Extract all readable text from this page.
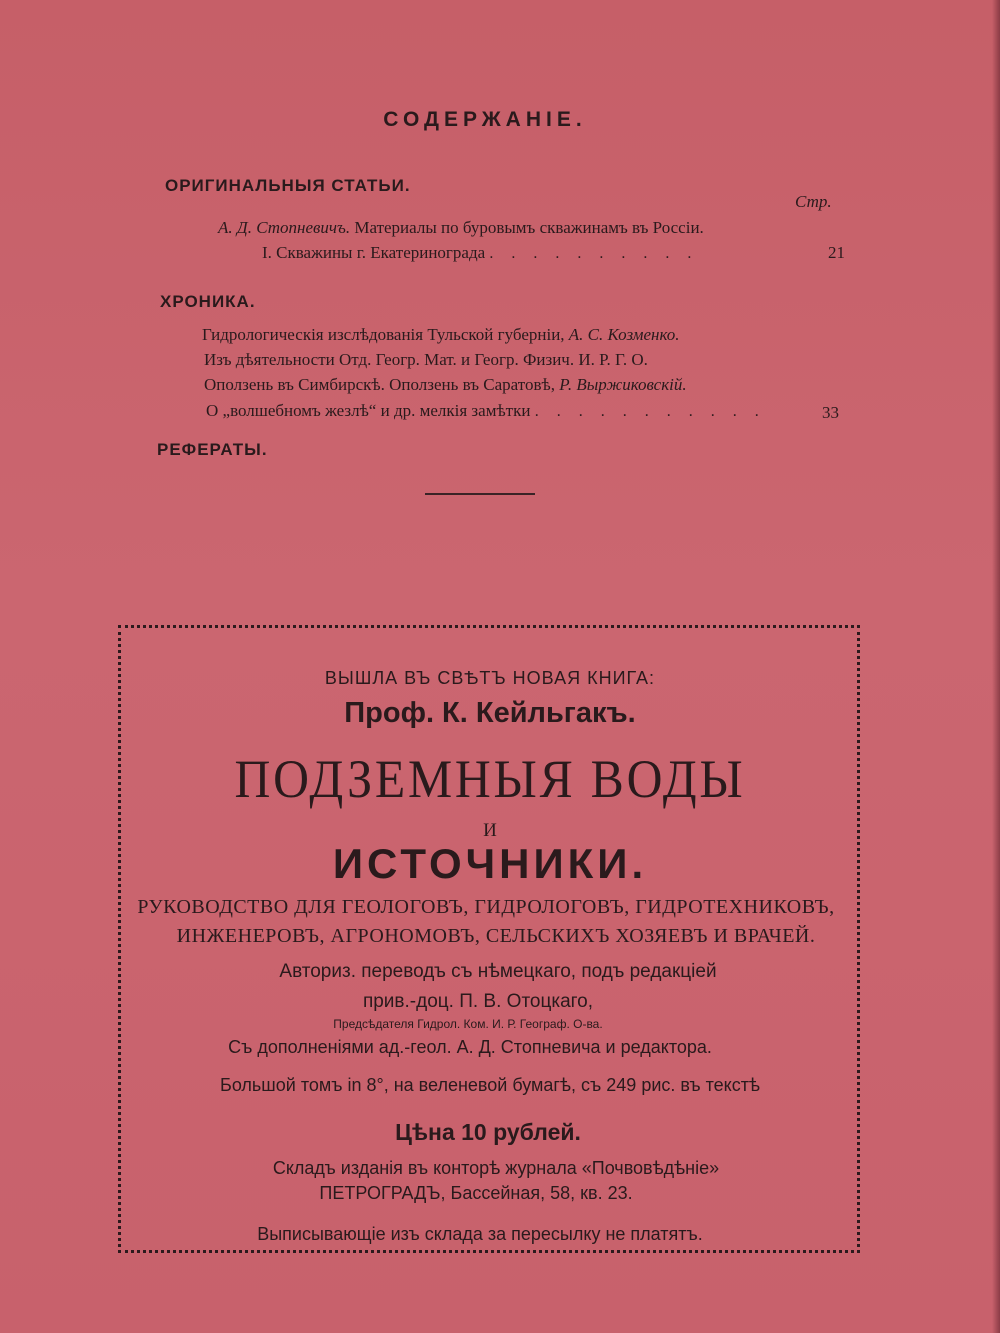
СОДЕРЖАНІЕ.
ОРИГИНАЛЬНЫЯ СТАТЬИ.
Стр.
А. Д. Стопневичъ. Материалы по буровымъ скважинамъ въ Россіи.
I. Скважины г. Екатеринограда . . . . . . . . . .	21
ХРОНИКА.
Гидрологическія изслѣдованія Тульской губерніи, А. С. Козменко.
Изъ дѣятельности Отд. Геогр. Мат. и Геогр. Физич. И. Р. Г. О.
Оползень въ Симбирскѣ. Оползень въ Саратовѣ, Р. Выржиковскій.
О „волшебномъ жезлѣ“ и др. мелкія замѣтки . . . . . . . . . . .	33
РЕФЕРАТЫ.
ВЫШЛА ВЪ СВѢТЪ НОВАЯ КНИГА:
Проф. К. Кейльгакъ.
ПОДЗЕМНЫЯ ВОДЫ
И
ИСТОЧНИКИ.
РУКОВОДСТВО ДЛЯ ГЕОЛОГОВЪ, ГИДРОЛОГОВЪ, ГИДРОТЕХНИКОВЪ,
ИНЖЕНЕРОВЪ, АГРОНОМОВЪ, СЕЛЬСКИХЪ ХОЗЯЕВЪ И ВРАЧЕЙ.
Авториз. переводъ съ нѣмецкаго, подъ редакціей
прив.-доц. П. В. Отоцкаго,
Предсѣдателя Гидрол. Ком. И. Р. Географ. О-ва.
Съ дополненіями ад.-геол. А. Д. Стопневича и редактора.
Большой томъ in 8°, на веленевой бумагѣ, съ 249 рис. въ текстѣ
Цѣна 10 рублей.
Складъ изданія въ конторѣ журнала «Почвовѣдѣніе»
ПЕТРОГРАДЪ, Бассейная, 58, кв. 23.
Выписывающіе изъ склада за пересылку не платятъ.
